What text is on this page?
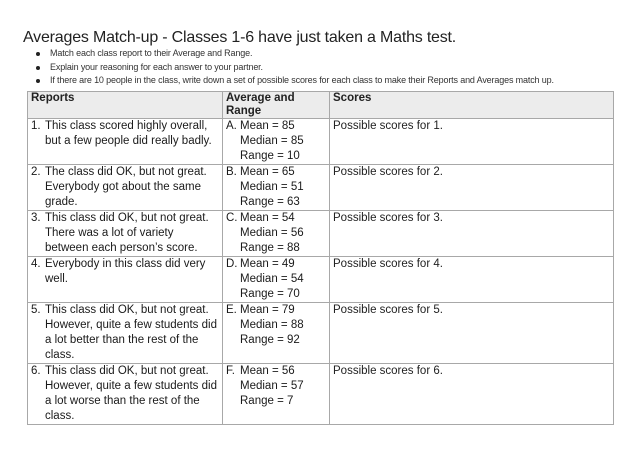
Averages Match-up - Classes 1-6 have just taken a Maths test.
Match each class report to their Average and Range.
Explain your reasoning for each answer to your partner.
If there are 10 people in the class, write down a set of possible scores for each class to make their Reports and Averages match up.
Reports	Average and Range	Scores

1. This class scored highly overall, but a few people did really badly.	A. Mean = 85
Median = 85
Range = 10	Possible scores for 1.

2. The class did OK, but not great. Everybody got about the same grade.	B. Mean = 65
Median = 51
Range = 63	Possible scores for 2.

3. This class did OK, but not great. There was a lot of variety between each person’s score.	C. Mean = 54
Median = 56
Range = 88	Possible scores for 3.

4. Everybody in this class did very well.	D. Mean = 49
Median = 54
Range = 70	Possible scores for 4.

5. This class did OK, but not great. However, quite a few students did a lot better than the rest of the class.	E. Mean = 79
Median = 88
Range = 92	Possible scores for 5.

6. This class did OK, but not great. However, quite a few students did a lot worse than the rest of the class.	F. Mean = 56
Median = 57
Range = 7	Possible scores for 6.
